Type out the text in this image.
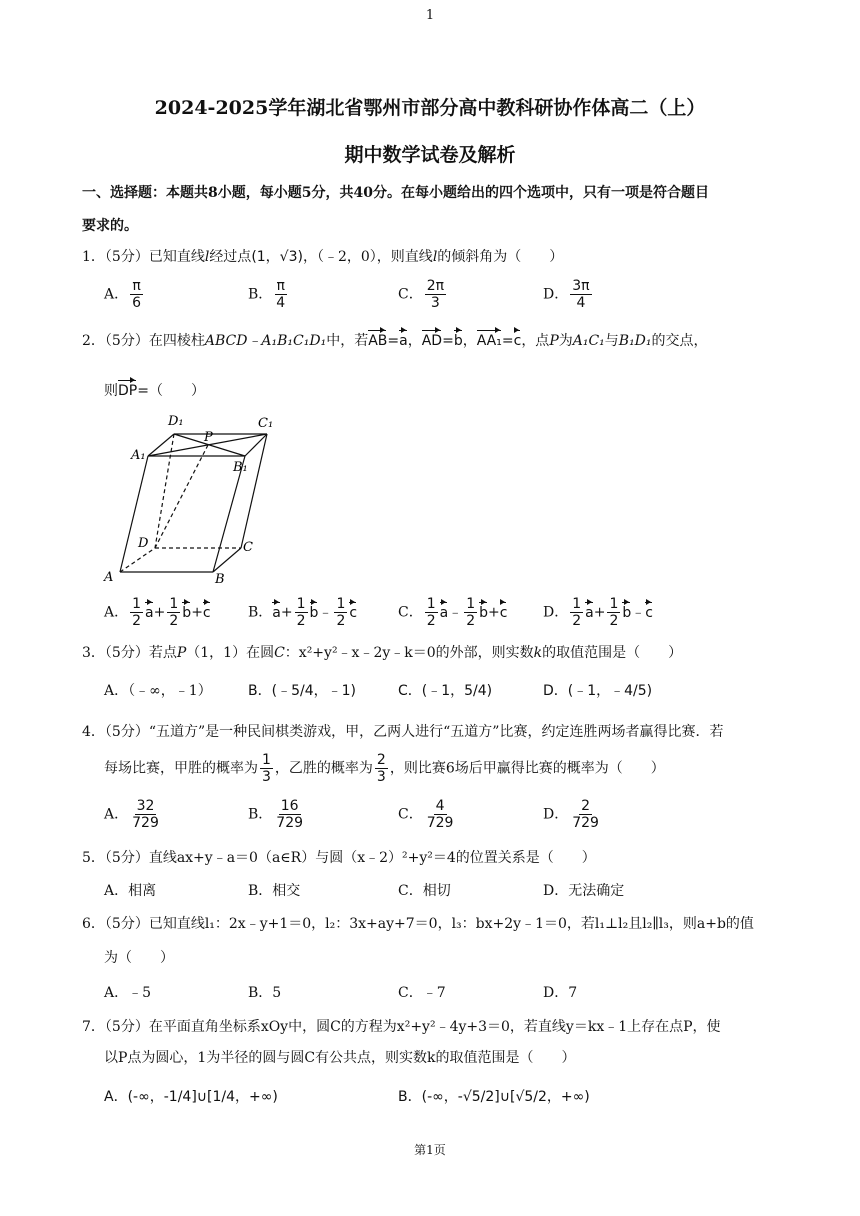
1
2024-2025学年湖北省鄂州市部分高中教科研协作体高二（上）
期中数学试卷及解析
一、选择题：本题共8小题，每小题5分，共40分。在每小题给出的四个选项中，只有一项是符合题目
要求的。
1．（5分）已知直线l经过点(1，√3)，（﹣2，0），则直线l的倾斜角为（　　）
A． $\frac{\pi}{6}$	B． $\frac{\pi}{4}$	C． $\frac{2\pi}{3}$	D． $\frac{3\pi}{4}$
2．（5分）在四棱柱ABCD﹣A₁B₁C₁D₁中，若AB=a，AD=b，AA₁=c，点P为A₁C₁与B₁D₁的交点，
则DP=（　　）
D₁	C₁
P
A₁
B₁
D	C
A	B
A． $\frac{1}{2} a+ \frac{1}{2} b+c$	B．$a+ \frac{1}{2}$ b﹣ $\frac{1}{2}$ c	C． $\frac{1}{2}$ a﹣ $\frac{1}{2} b+c$	D． $\frac{1}{2} a+ \frac{1}{2}$ b﹣c
3．（5分）若点P（1，1）在圆C：x²+y²﹣x﹣2y﹣k＝0的外部，则实数k的取值范围是（　　）
A．（﹣∞，﹣1）	B．(﹣5/4，﹣1)	C．(﹣1，5/4)	D．(﹣1，﹣4/5)
4．（5分）“五道方”是一种民间棋类游戏，甲，乙两人进行“五道方”比赛，约定连胜两场者赢得比赛．若
每场比赛，甲胜的概率为 $\frac{1}{3}$ ，乙胜的概率为 $\frac{2}{3}$ ，则比赛6场后甲赢得比赛的概率为（　　）
A． $\frac{32}{729}$	B． $\frac{16}{729}$	C． $\frac{4}{729}$	D． $\frac{2}{729}$
5．（5分）直线ax+y﹣a＝0（a∈R）与圆（x﹣2）²+y²＝4的位置关系是（　　）
A．相离	B．相交	C．相切	D．无法确定
6．（5分）已知直线l₁：2x﹣y+1＝0，l₂：3x+ay+7＝0，l₃：bx+2y﹣1＝0，若l₁⊥l₂且l₂∥l₃，则a+b的值
为（　　）
A．﹣5	B．5	C．﹣7	D．7
7．（5分）在平面直角坐标系xOy中，圆C的方程为x²+y²﹣4y+3＝0，若直线y＝kx﹣1上存在点P，使
以P点为圆心，1为半径的圆与圆C有公共点，则实数k的取值范围是（　　）
A．(-∞，-1/4]∪[1/4，+∞)	B．(-∞，-√5/2]∪[√5/2，+∞)
第1页
